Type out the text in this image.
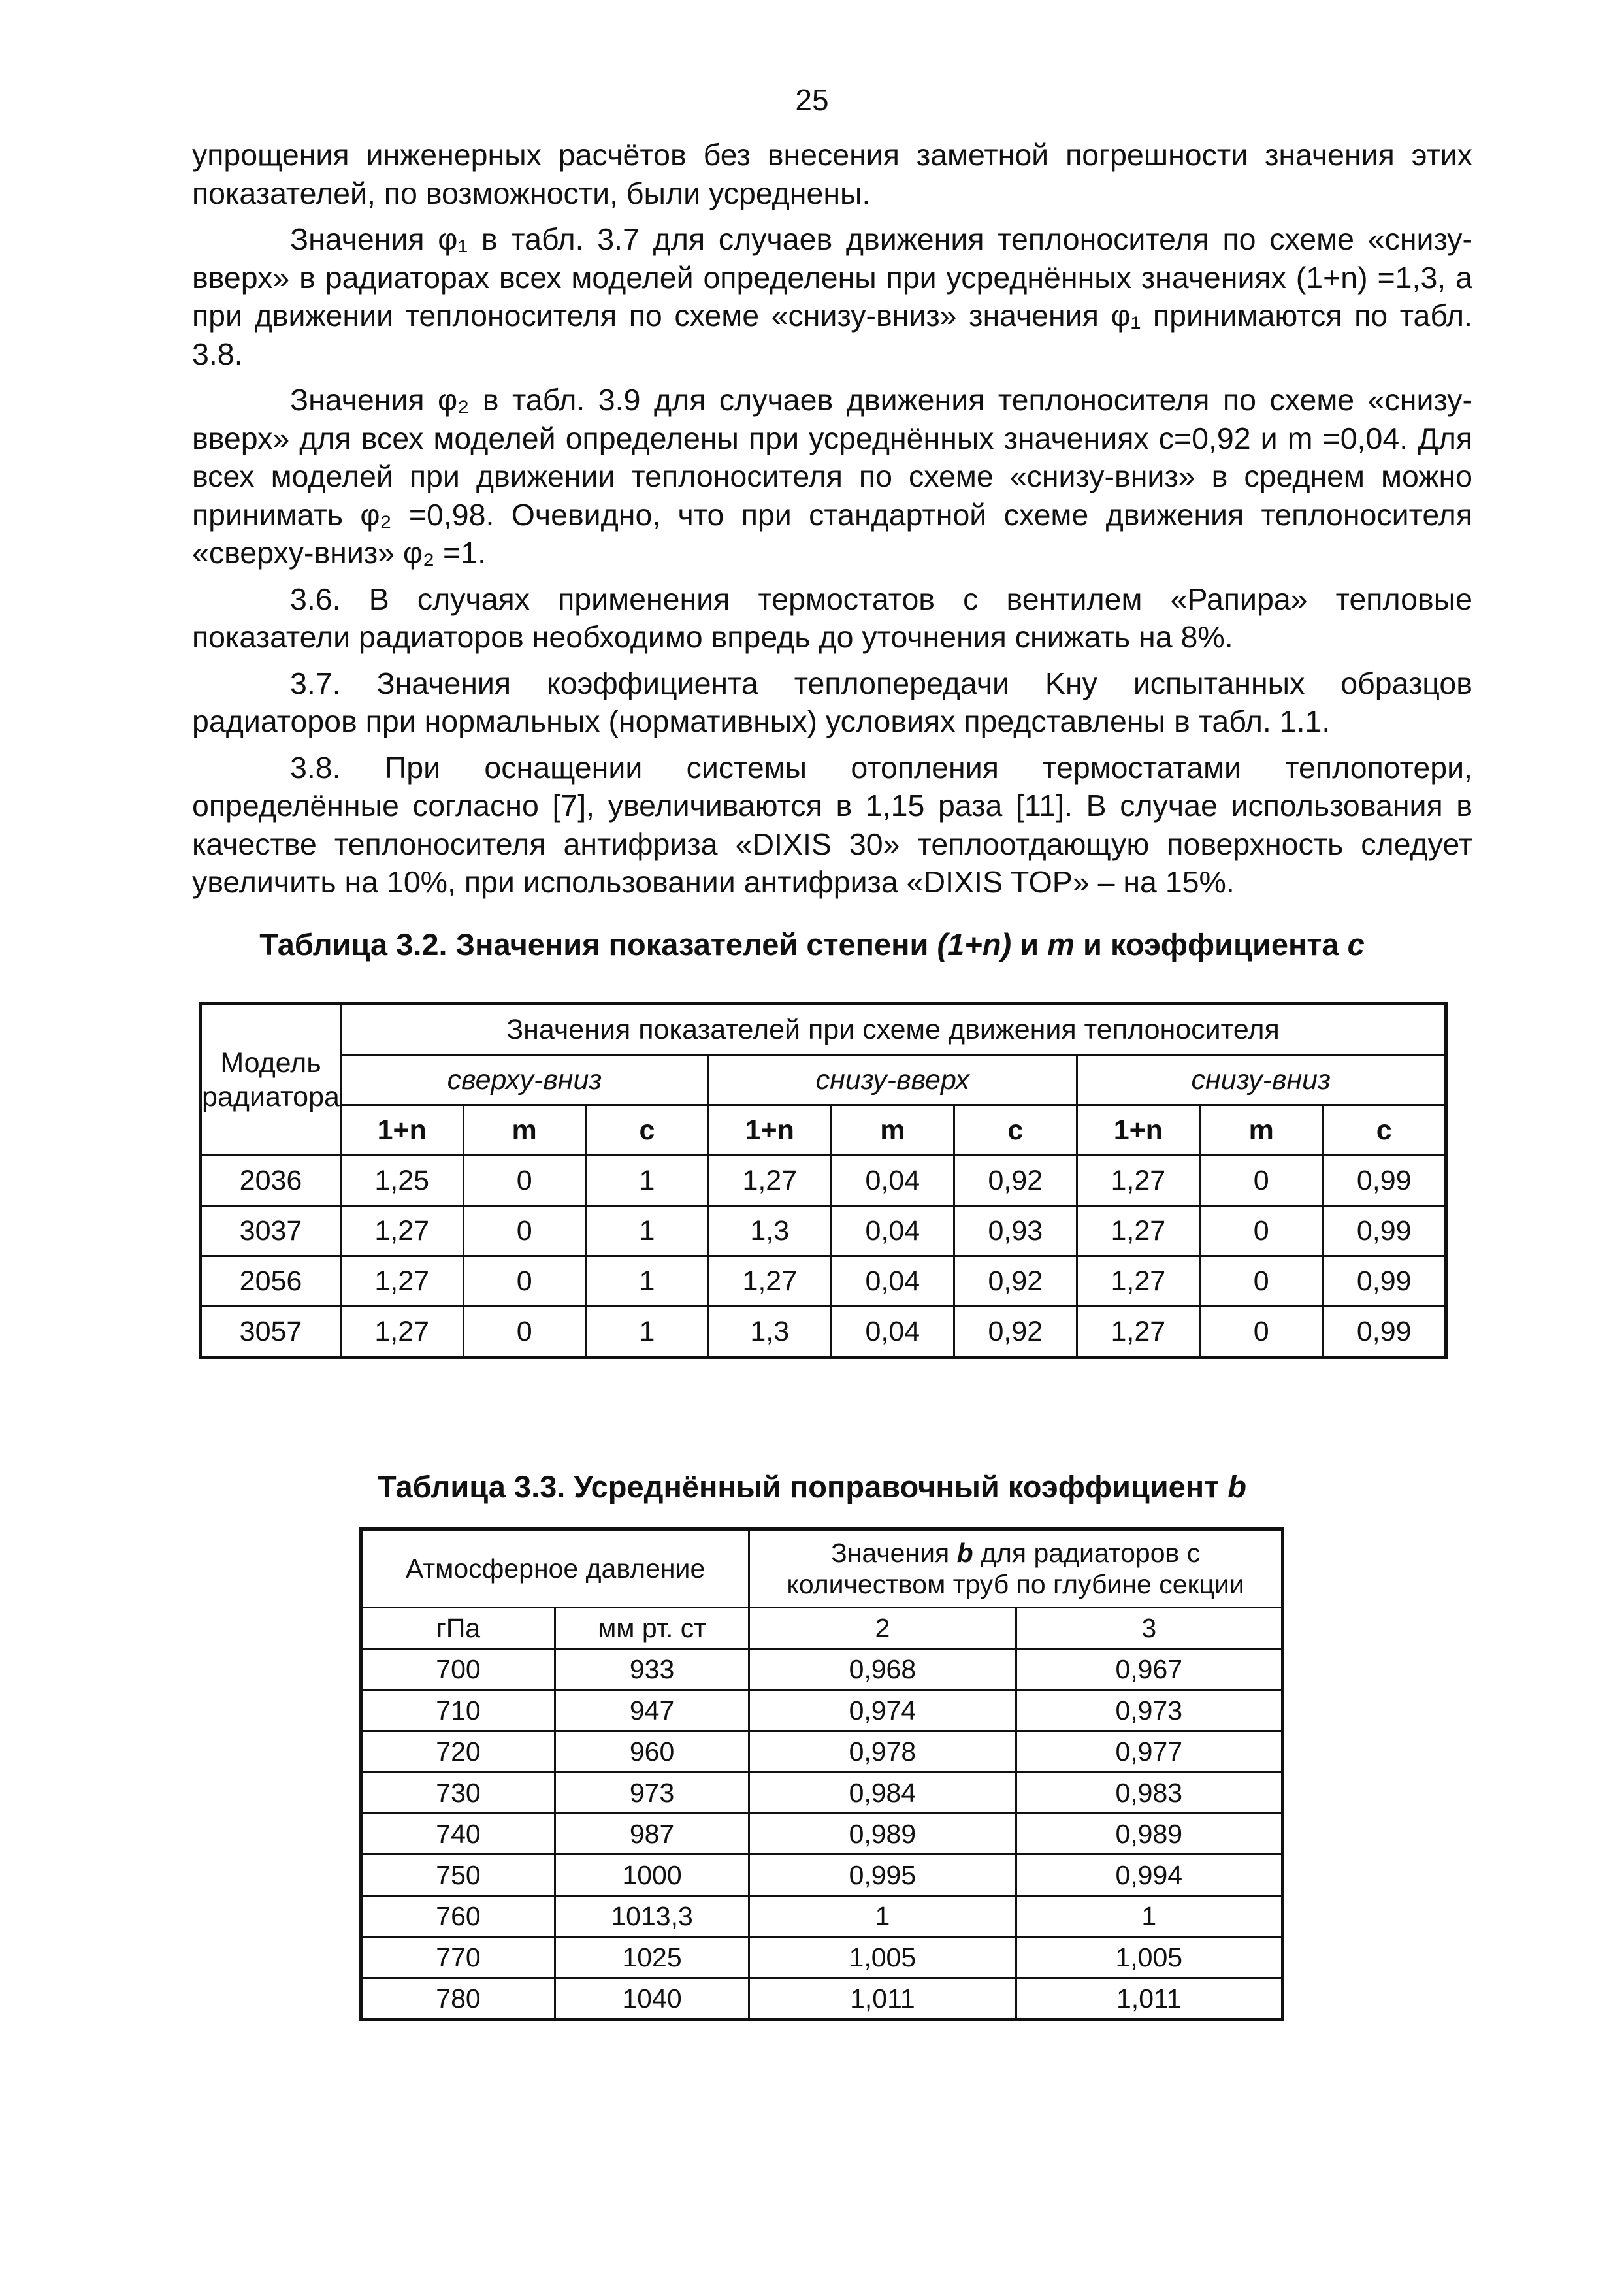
25

упрощения инженерных расчётов без внесения заметной погрешности значения этих показателей, по возможности, были усреднены.

Значения φ₁ в табл. 3.7 для случаев движения теплоносителя по схеме «снизу-вверх» в радиаторах всех моделей определены при усреднённых значениях (1+n) =1,3, а при движении теплоносителя по схеме «снизу-вниз» значения φ₁ принимаются по табл. 3.8.

Значения φ₂ в табл. 3.9 для случаев движения теплоносителя по схеме «снизу-вверх» для всех моделей определены при усреднённых значениях c=0,92 и m =0,04. Для всех моделей при движении теплоносителя по схеме «снизу-вниз» в среднем можно принимать φ₂ =0,98. Очевидно, что при стандартной схеме движения теплоносителя «сверху-вниз» φ₂ =1.

3.6. В случаях применения термостатов с вентилем «Рапира» тепловые показатели радиаторов необходимо впредь до уточнения снижать на 8%.

3.7. Значения коэффициента теплопередачи Kну испытанных образцов радиаторов при нормальных (нормативных) условиях представлены в табл. 1.1.

3.8. При оснащении системы отопления термостатами теплопотери, определённые согласно [7], увеличиваются в 1,15 раза [11]. В случае использования в качестве теплоносителя антифриза «DIXIS 30» теплоотдающую поверхность следует увеличить на 10%, при использовании антифриза «DIXIS TOP» – на 15%.

Таблица 3.2. Значения показателей степени (1+n) и m и коэффициента c
Модель радиатора	Значения показателей при схеме движения теплоносителя								
	сверху-вниз			снизу-вверх			снизу-вниз		
	1+n	m	c	1+n	m	c	1+n	m	c
2036	1,25	0	1	1,27	0,04	0,92	1,27	0	0,99
3037	1,27	0	1	1,3	0,04	0,93	1,27	0	0,99
2056	1,27	0	1	1,27	0,04	0,92	1,27	0	0,99
3057	1,27	0	1	1,3	0,04	0,92	1,27	0	0,99
Таблица 3.3. Усреднённый поправочный коэффициент b
Атмосферное давление		Значения b для радиаторов с количеством труб по глубине секции	
гПа	мм рт. ст	2	3
700	933	0,968	0,967
710	947	0,974	0,973
720	960	0,978	0,977
730	973	0,984	0,983
740	987	0,989	0,989
750	1000	0,995	0,994
760	1013,3	1	1
770	1025	1,005	1,005
780	1040	1,011	1,011
